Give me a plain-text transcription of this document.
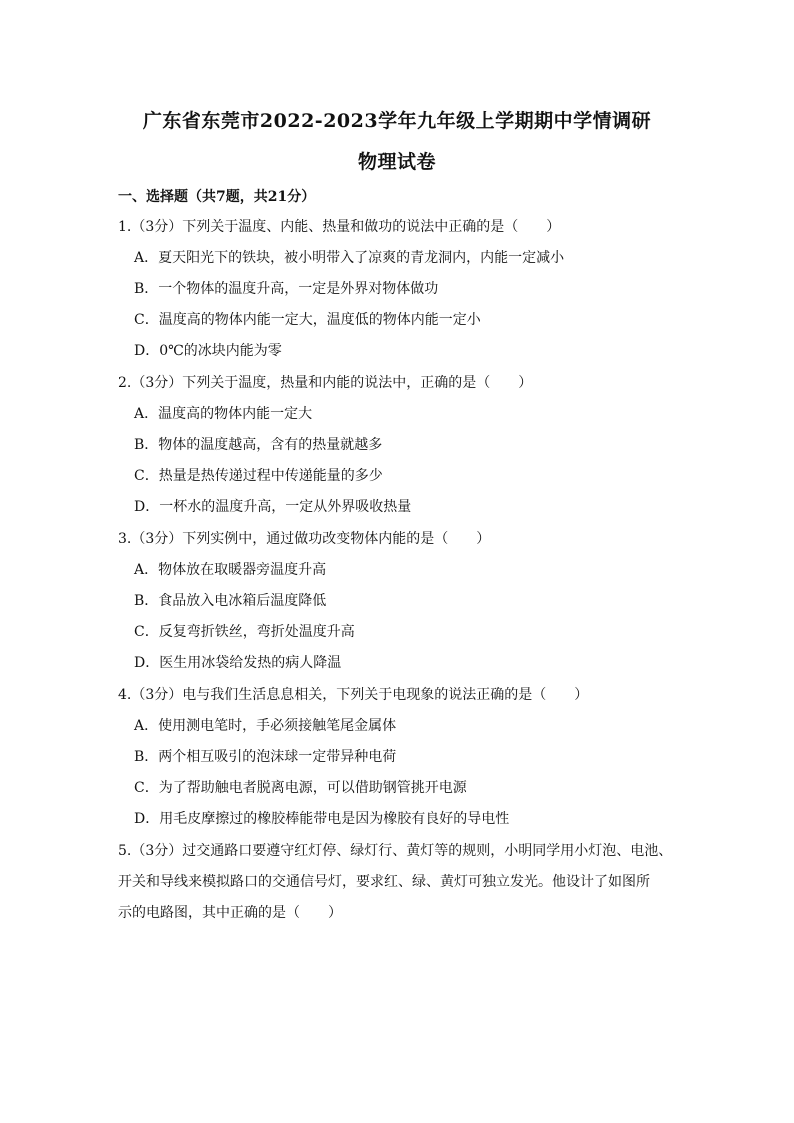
广东省东莞市2022-2023学年九年级上学期期中学情调研
物理试卷
一、选择题（共7题，共21分）
1.（3分）下列关于温度、内能、热量和做功的说法中正确的是（　　）
A．夏天阳光下的铁块，被小明带入了凉爽的青龙洞内，内能一定减小
B．一个物体的温度升高，一定是外界对物体做功
C．温度高的物体内能一定大，温度低的物体内能一定小
D．0℃的冰块内能为零
2.（3分）下列关于温度，热量和内能的说法中，正确的是（　　）
A．温度高的物体内能一定大
B．物体的温度越高，含有的热量就越多
C．热量是热传递过程中传递能量的多少
D．一杯水的温度升高，一定从外界吸收热量
3.（3分）下列实例中，通过做功改变物体内能的是（　　）
A．物体放在取暖器旁温度升高
B．食品放入电冰箱后温度降低
C．反复弯折铁丝，弯折处温度升高
D．医生用冰袋给发热的病人降温
4.（3分）电与我们生活息息相关，下列关于电现象的说法正确的是（　　）
A．使用测电笔时，手必须接触笔尾金属体
B．两个相互吸引的泡沫球一定带异种电荷
C．为了帮助触电者脱离电源，可以借助钢管挑开电源
D．用毛皮摩擦过的橡胶棒能带电是因为橡胶有良好的导电性
5.（3分）过交通路口要遵守红灯停、绿灯行、黄灯等的规则，小明同学用小灯泡、电池、
开关和导线来模拟路口的交通信号灯，要求红、绿、黄灯可独立发光。他设计了如图所
示的电路图，其中正确的是（　　）
